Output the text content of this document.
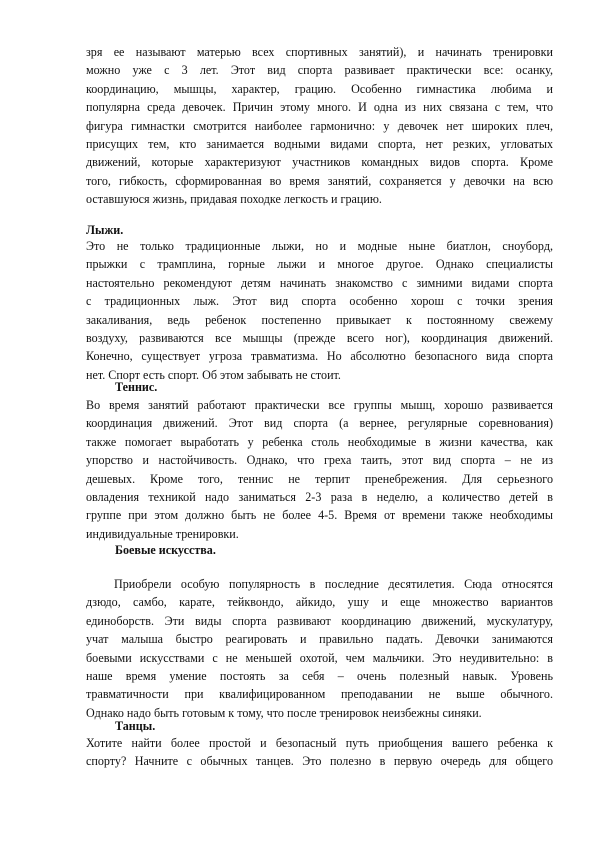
зря ее называют матерью всех спортивных занятий), и начинать тренировки
можно уже с 3 лет. Этот вид спорта развивает практически все: осанку,
координацию, мышцы, характер, грацию. Особенно гимнастика любима и
популярна среда девочек. Причин этому много. И одна из них связана с тем, что
фигура гимнастки смотрится наиболее гармонично: у девочек нет широких плеч,
присущих тем, кто занимается водными видами спорта, нет резких, угловатых
движений, которые характеризуют участников командных видов спорта. Кроме
того, гибкость, сформированная во время занятий, сохраняется у девочки на всю
оставшуюся жизнь, придавая походке легкость и грацию.
Лыжи.
Это не только традиционные лыжи, но и модные ныне биатлон, сноуборд,
прыжки с трамплина, горные лыжи и многое другое. Однако специалисты
настоятельно рекомендуют детям начинать знакомство с зимними видами спорта
с традиционных лыж. Этот вид спорта особенно хорош с точки зрения
закаливания, ведь ребенок постепенно привыкает к постоянному свежему
воздуху, развиваются все мышцы (прежде всего ног), координация движений.
Конечно, существует угроза травматизма. Но абсолютно безопасного вида спорта
нет. Спорт есть спорт. Об этом забывать не стоит.
Теннис.
Во время занятий работают практически все группы мышц, хорошо развивается
координация движений. Этот вид спорта (а вернее, регулярные соревнования)
также помогает выработать у ребенка столь необходимые в жизни качества, как
упорство и настойчивость. Однако, что греха таить, этот вид спорта – не из
дешевых. Кроме того, теннис не терпит пренебрежения. Для серьезного
овладения техникой надо заниматься 2-3 раза в неделю, а количество детей в
группе при этом должно быть не более 4-5. Время от времени также необходимы
индивидуальные тренировки.
Боевые искусства.
Приобрели особую популярность в последние десятилетия. Сюда относятся
дзюдо, самбо, карате, тейквондо, айкидо, ушу и еще множество вариантов
единоборств. Эти виды спорта развивают координацию движений, мускулатуру,
учат малыша быстро реагировать и правильно падать. Девочки занимаются
боевыми искусствами с не меньшей охотой, чем мальчики. Это неудивительно: в
наше время умение постоять за себя – очень полезный навык. Уровень
травматичности при квалифицированном преподавании не выше обычного.
Однако надо быть готовым к тому, что после тренировок неизбежны синяки.
Танцы.
Хотите найти более простой и безопасный путь приобщения вашего ребенка к
спорту? Начните с обычных танцев. Это полезно в первую очередь для общего
